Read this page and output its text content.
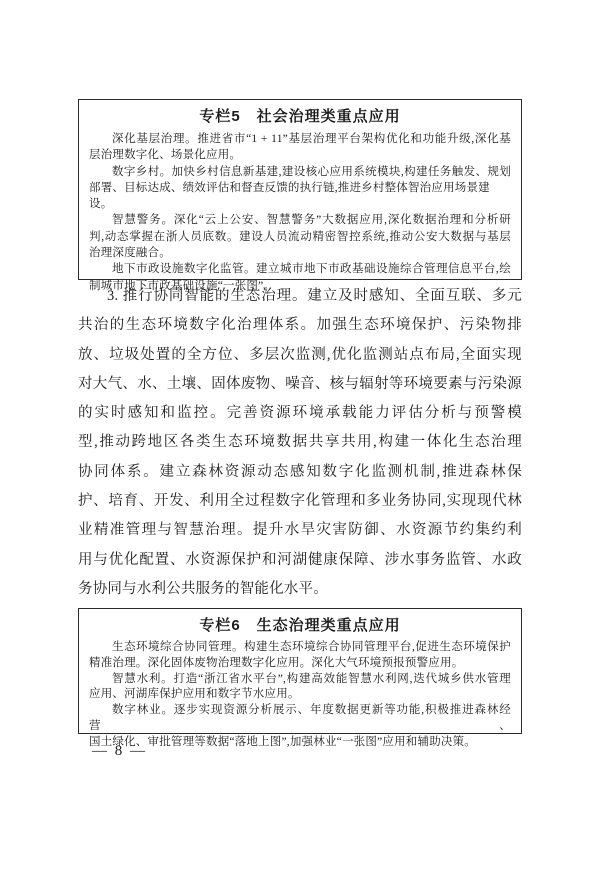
专栏5　社会治理类重点应用
深化基层治理。推进省市“1 + 11”基层治理平台架构优化和功能升级,深化基
层治理数字化、场景化应用。
数字乡村。加快乡村信息新基建,建设核心应用系统模块,构建任务触发、规划
部署、目标达成、绩效评估和督查反馈的执行链,推进乡村整体智治应用场景建设。
智慧警务。深化“云上公安、智慧警务”大数据应用,深化数据治理和分析研
判,动态掌握在浙人员底数。建设人员流动精密智控系统,推动公安大数据与基层
治理深度融合。
地下市政设施数字化监管。建立城市地下市政基础设施综合管理信息平台,绘
制城市地下市政基础设施“一张图”。
3. 推行协同智能的生态治理。建立及时感知、全面互联、多元
共治的生态环境数字化治理体系。加强生态环境保护、污染物排
放、垃圾处置的全方位、多层次监测,优化监测站点布局,全面实现
对大气、水、土壤、固体废物、噪音、核与辐射等环境要素与污染源
的实时感知和监控。完善资源环境承载能力评估分析与预警模
型,推动跨地区各类生态环境数据共享共用,构建一体化生态治理
协同体系。建立森林资源动态感知数字化监测机制,推进森林保
护、培育、开发、利用全过程数字化管理和多业务协同,实现现代林
业精准管理与智慧治理。提升水旱灾害防御、水资源节约集约利
用与优化配置、水资源保护和河湖健康保障、涉水事务监管、水政
务协同与水利公共服务的智能化水平。
专栏6　生态治理类重点应用
生态环境综合协同管理。构建生态环境综合协同管理平台,促进生态环境保护
精准治理。深化固体废物治理数字化应用。深化大气环境预报预警应用。
智慧水利。打造“浙江省水平台”,构建高效能智慧水利网,迭代城乡供水管理
应用、河湖库保护应用和数字节水应用。
数字林业。逐步实现资源分析展示、年度数据更新等功能,积极推进森林经营、
国土绿化、审批管理等数据“落地上图”,加强林业“一张图”应用和辅助决策。
— 8 —
